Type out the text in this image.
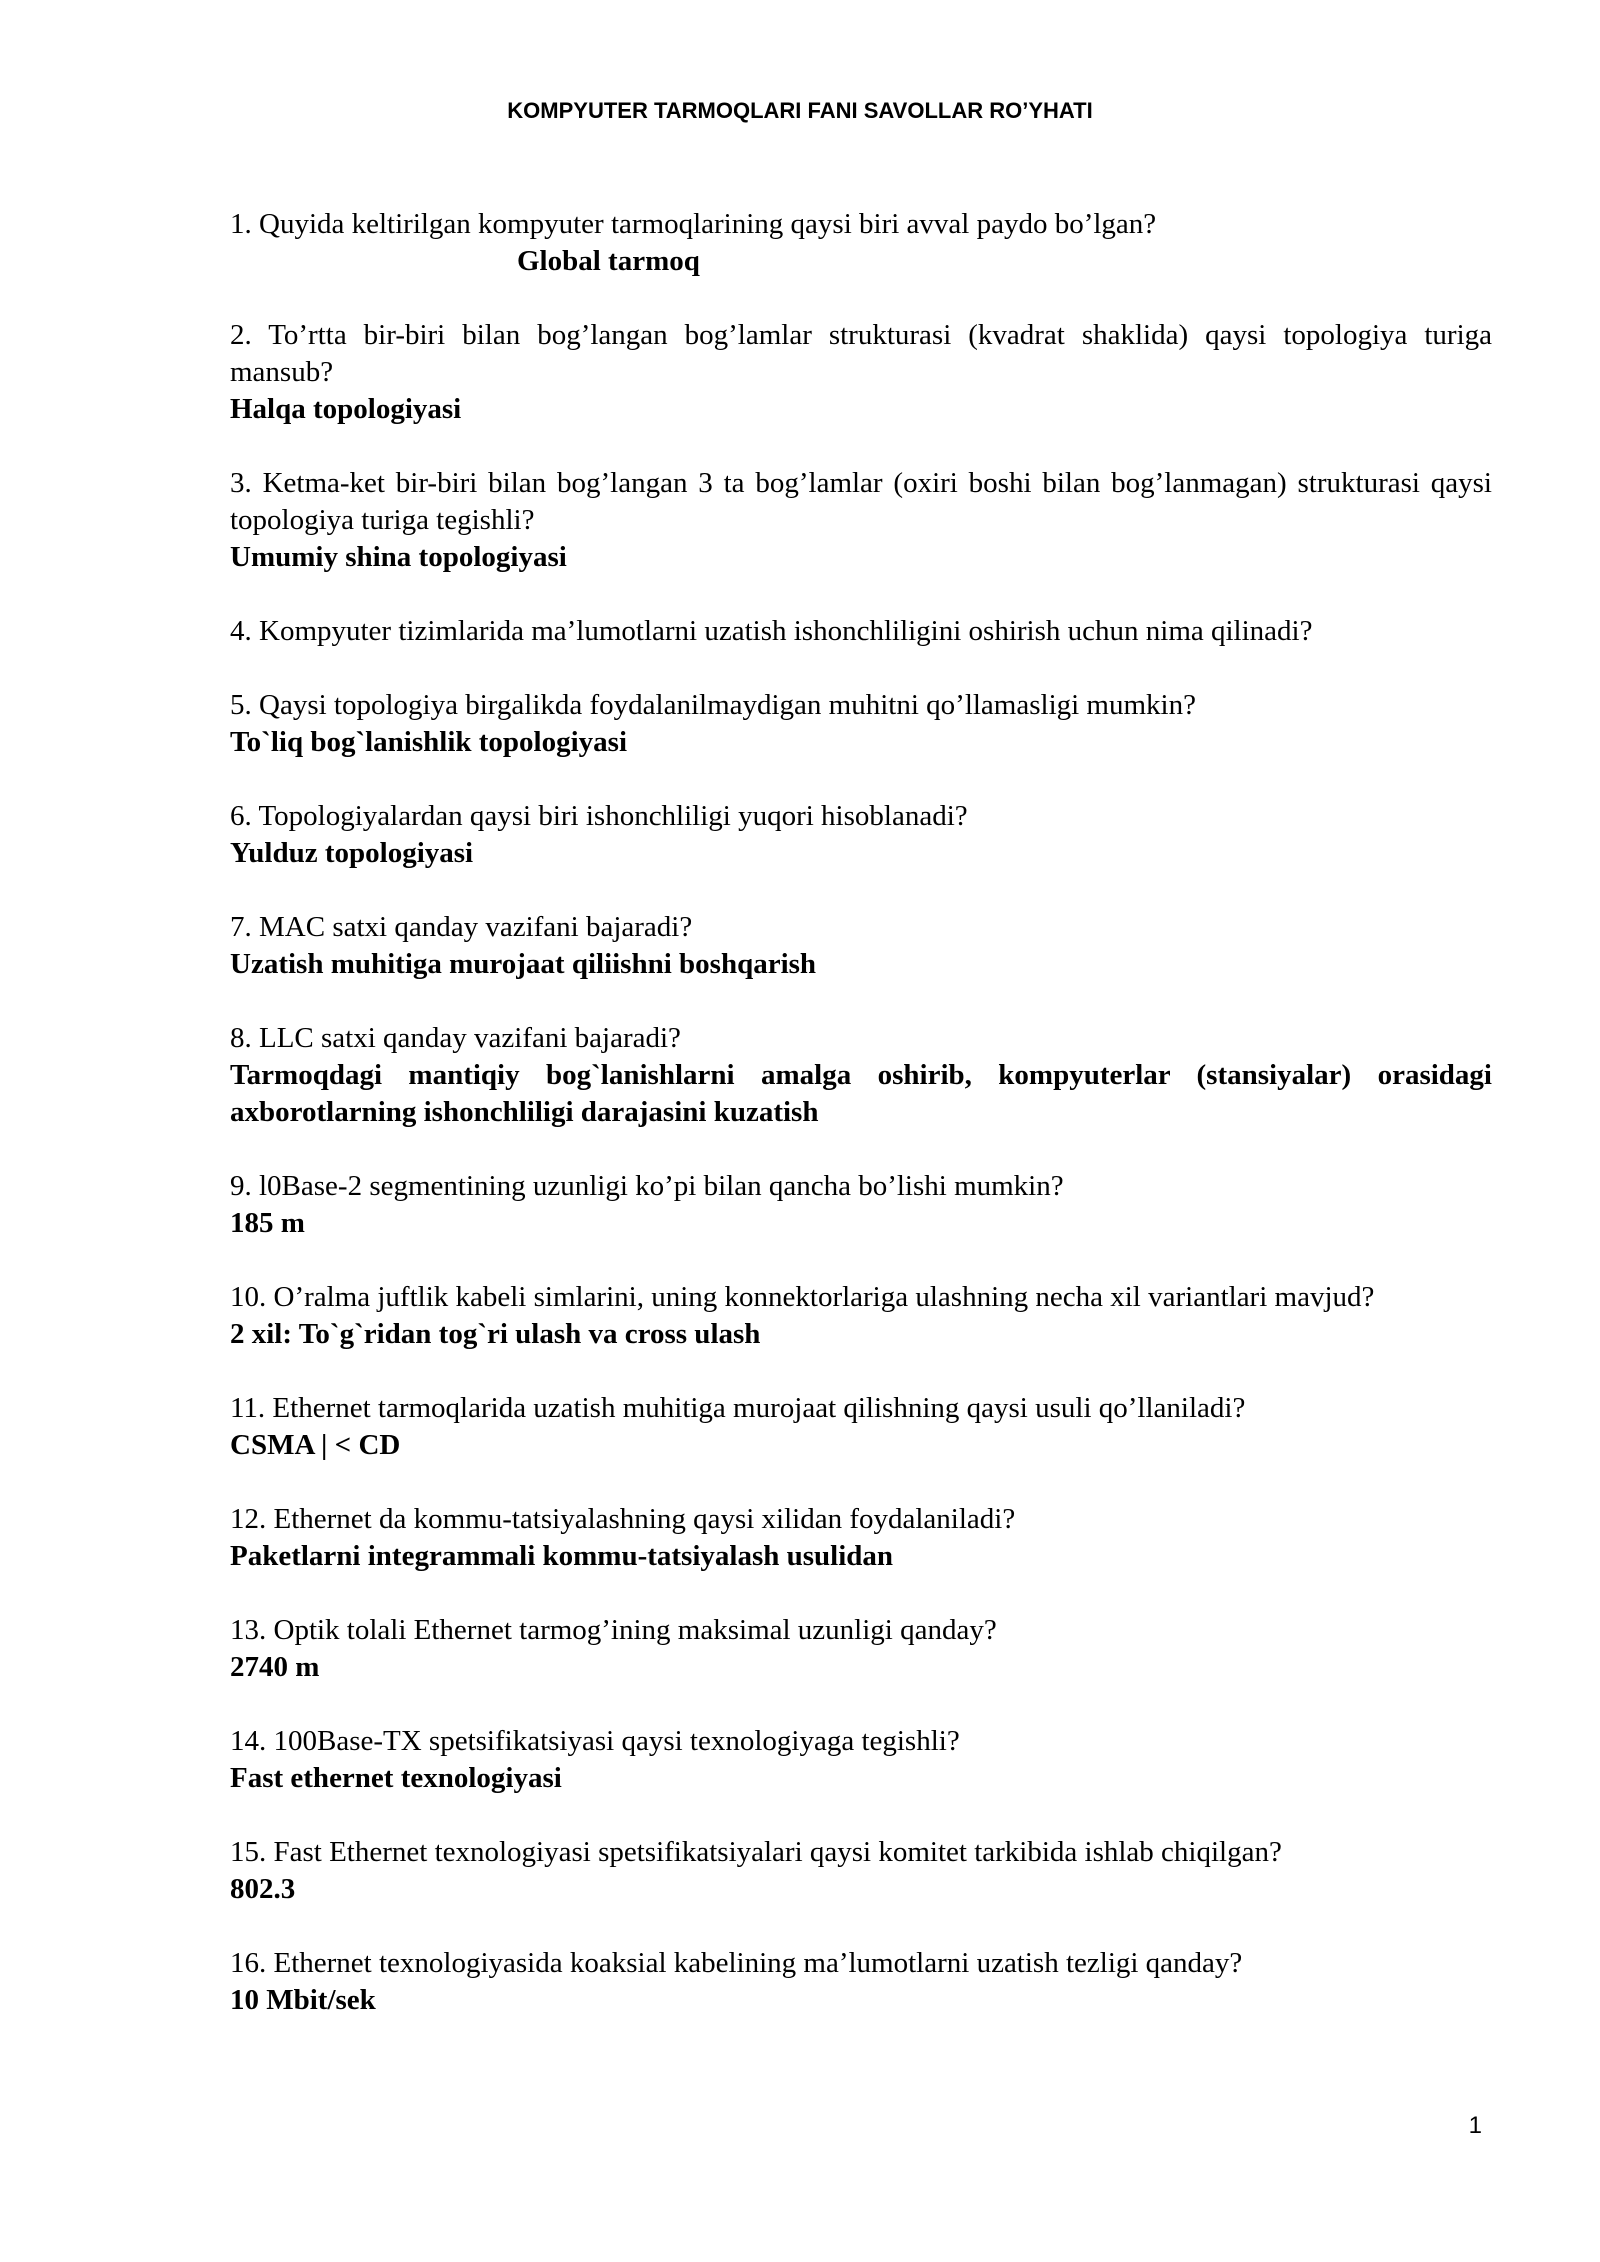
KOMPYUTER TARMOQLARI FANI SAVOLLAR RO’YHATI
1. Quyida keltirilgan kompyuter tarmoqlarining qaysi biri avval paydo bo’lgan?
Global tarmoq
2. To’rtta bir-biri bilan bog’langan bog’lamlar strukturasi (kvadrat shaklida) qaysi topologiya turiga mansub?
Halqa topologiyasi
3. Ketma-ket bir-biri bilan bog’langan 3 ta bog’lamlar (oxiri boshi bilan bog’lanmagan) strukturasi qaysi topologiya turiga tegishli?
Umumiy shina topologiyasi
4. Kompyuter tizimlarida ma’lumotlarni uzatish ishonchliligini oshirish uchun nima qilinadi?
5. Qaysi topologiya birgalikda foydalanilmaydigan muhitni qo’llamasligi mumkin?
To`liq bog`lanishlik topologiyasi
6. Topologiyalardan qaysi biri ishonchliligi yuqori hisoblanadi?
Yulduz topologiyasi
7. MAC satxi qanday vazifani bajaradi?
Uzatish muhitiga murojaat qiliishni boshqarish
8. LLC satxi qanday vazifani bajaradi?
Tarmoqdagi mantiqiy bog`lanishlarni amalga oshirib, kompyuterlar (stansiyalar) orasidagi axborotlarning ishonchliligi darajasini kuzatish
9. l0Base-2 segmentining uzunligi ko’pi bilan qancha bo’lishi mumkin?
185 m
10. O’ralma juftlik kabeli simlarini, uning konnektorlariga ulashning necha xil variantlari mavjud?
2 xil: To`g`ridan tog`ri ulash va cross ulash
11. Ethernet tarmoqlarida uzatish muhitiga murojaat qilishning qaysi usuli qo’llaniladi?
CSMA | < CD
12. Ethernet da kommu-tatsiyalashning qaysi xilidan foydalaniladi?
Paketlarni integrammali kommu-tatsiyalash usulidan
13. Optik tolali Ethernet tarmog’ining maksimal uzunligi qanday?
2740 m
14. 100Base-TX spetsifikatsiyasi qaysi texnologiyaga tegishli?
Fast ethernet texnologiyasi
15. Fast Ethernet texnologiyasi spetsifikatsiyalari qaysi komitet tarkibida ishlab chiqilgan?
802.3
16. Ethernet texnologiyasida koaksial kabelining ma’lumotlarni uzatish tezligi qanday?
10 Mbit/sek
1
